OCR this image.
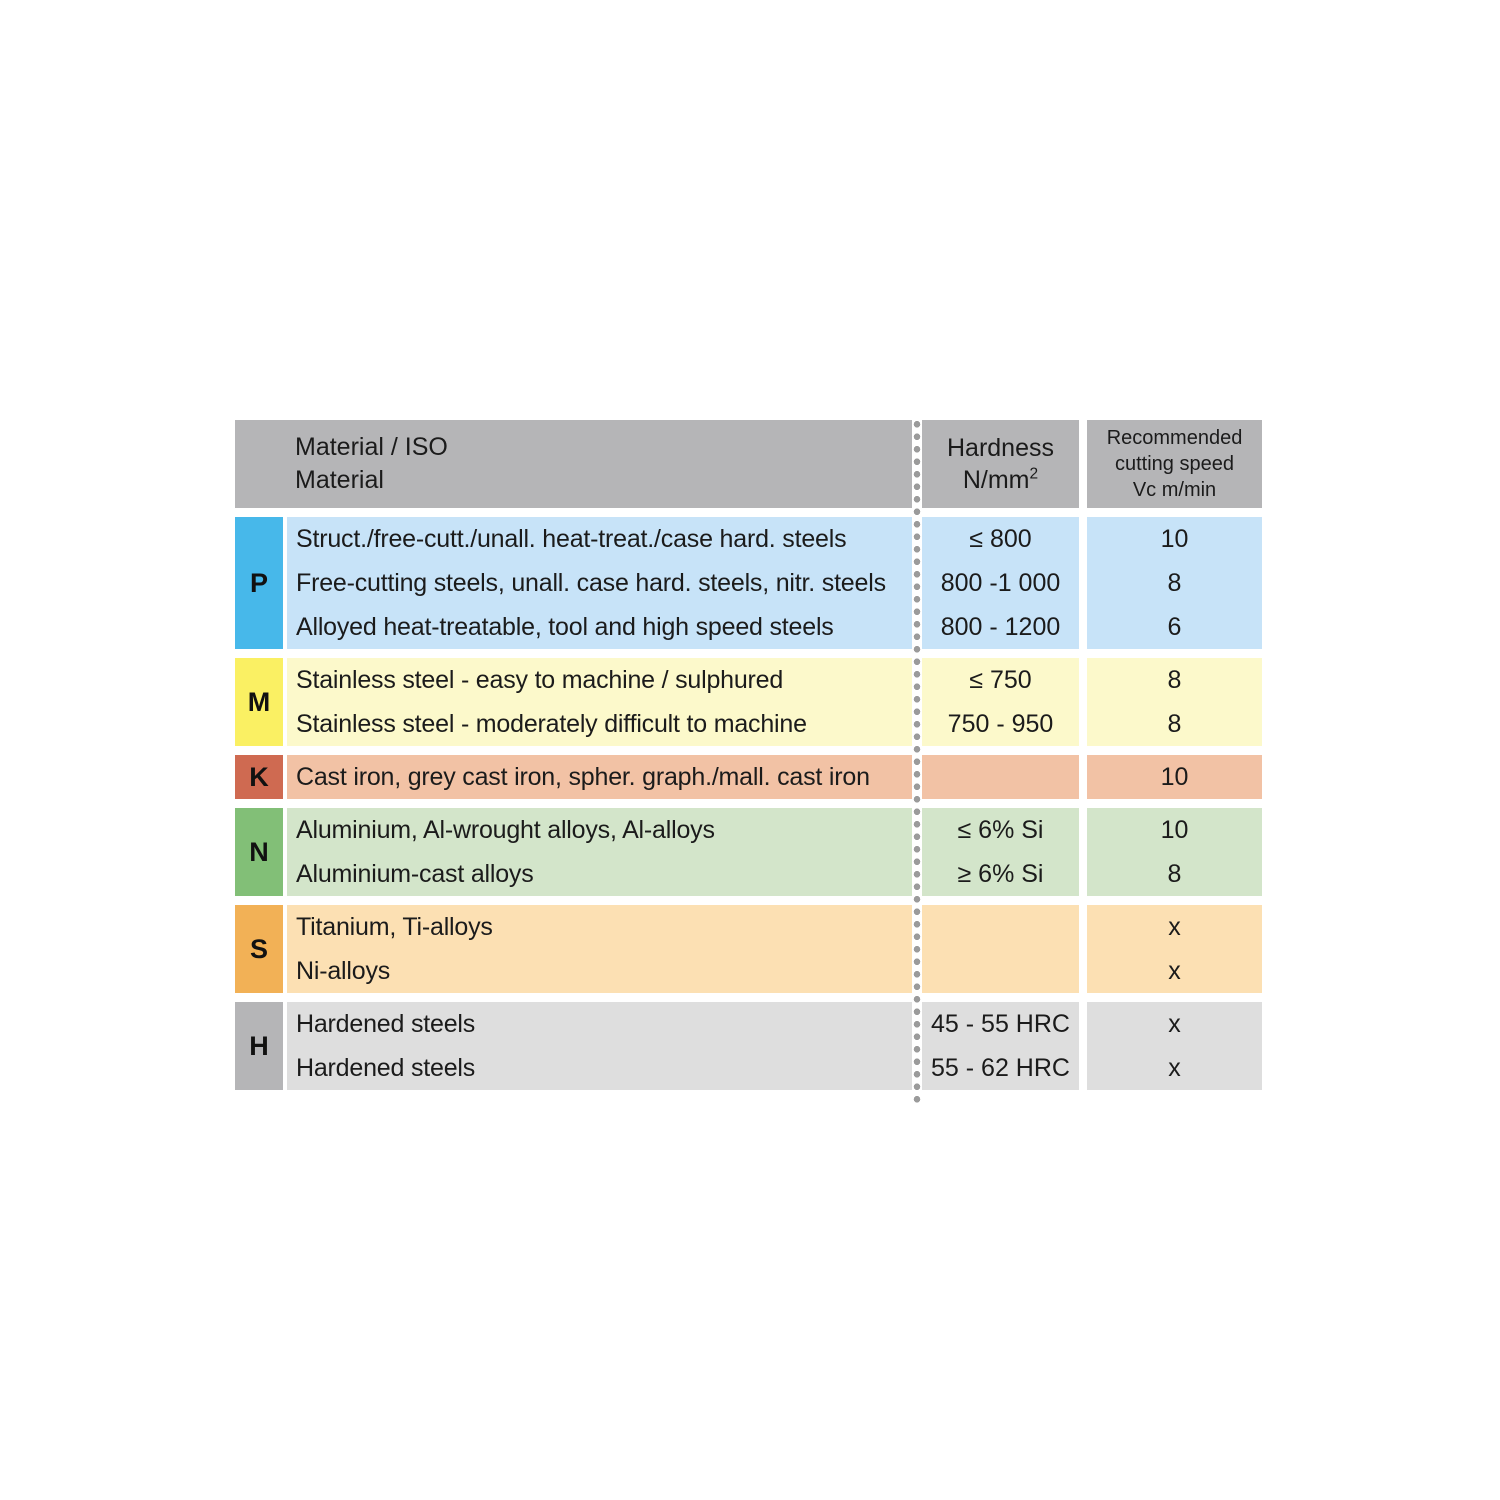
Material / ISO
Material
Hardness
$N/mm^2$
Recommended
cutting speed
Vc m/min
P
Struct./free-cutt./unall. heat-treat./case hard. steels
Free-cutting steels, unall. case hard. steels, nitr. steels
Alloyed heat-treatable, tool and high speed steels
≤ 800
800 -1 000
800 - 1200
10
8
6
M
Stainless steel - easy to machine / sulphured
Stainless steel - moderately difficult to machine
≤ 750
750 - 950
8
8
K	Cast iron, grey cast iron, spher. graph./mall. cast iron	10
N
Aluminium, Al-wrought alloys, Al-alloys
Aluminium-cast alloys
≤ 6% Si
≥ 6% Si
10
8
S
Titanium, Ti-alloys
Ni-alloys
x
x
H
Hardened steels
Hardened steels
45 - 55 HRC
55 - 62 HRC
x
x
